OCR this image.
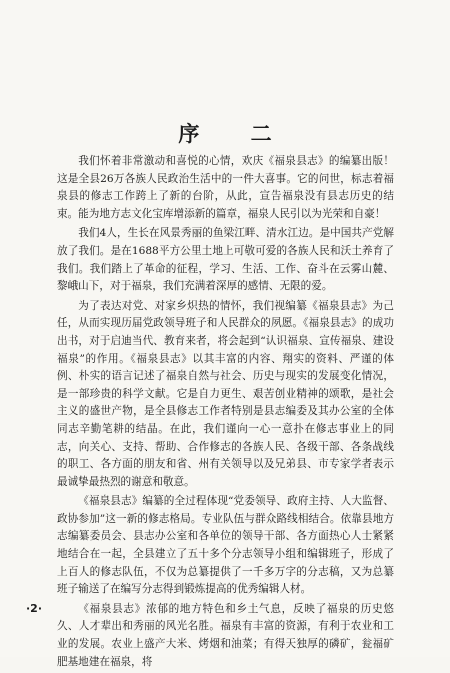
序 二

我们怀着非常激动和喜悦的心情，欢庆《福泉县志》的编纂出版！这是全县26万各族人民政治生活中的一件大喜事。它的问世，标志着福泉县的修志工作跨上了新的台阶，从此，宣告福泉没有县志历史的结束。能为地方志文化宝库增添新的篇章，福泉人民引以为光荣和自豪！

我们4人，生长在风景秀丽的鱼梁江畔、清水江边。是中国共产党解放了我们。是在1688平方公里土地上可敬可爱的各族人民和沃土养育了我们。我们踏上了革命的征程，学习、生活、工作、奋斗在云雾山麓、黎峨山下，对于福泉，我们充满着深厚的感情、无限的爱。

为了表达对党、对家乡炽热的情怀，我们视编纂《福泉县志》为己任，从而实现历届党政领导班子和人民群众的夙愿。《福泉县志》的成功出书，对于启迪当代、教育来者，将会起到“认识福泉、宣传福泉、建设福泉”的作用。《福泉县志》以其丰富的内容、翔实的资料、严谨的体例、朴实的语言记述了福泉自然与社会、历史与现实的发展变化情况，是一部珍贵的科学文献。它是自力更生、艰苦创业精神的颂歌，是社会主义的盛世产物，是全县修志工作者特别是县志编委及其办公室的全体同志辛勤笔耕的结晶。在此，我们谨向一心一意扑在修志事业上的同志，向关心、支持、帮助、合作修志的各族人民、各级干部、各条战线的职工、各方面的朋友和省、州有关领导以及兄弟县、市专家学者表示最诚挚最热烈的谢意和敬意。

《福泉县志》编纂的全过程体现“党委领导、政府主持、人大监督、政协参加”这一新的修志格局。专业队伍与群众路线相结合。依靠县地方志编纂委员会、县志办公室和各单位的领导干部、各方面热心人士紧紧地结合在一起，全县建立了五十多个分志领导小组和编辑班子，形成了上百人的修志队伍，不仅为总纂提供了一千多万字的分志稿，又为总纂班子输送了在编写分志得到锻炼提高的优秀编辑人材。

《福泉县志》浓郁的地方特色和乡土气息，反映了福泉的历史悠久、人才辈出和秀丽的风光名胜。福泉有丰富的资源，有利于农业和工业的发展。农业上盛产大米、烤烟和油菜；有得天独厚的磷矿，瓮福矿肥基地建在福泉，将

·2·
